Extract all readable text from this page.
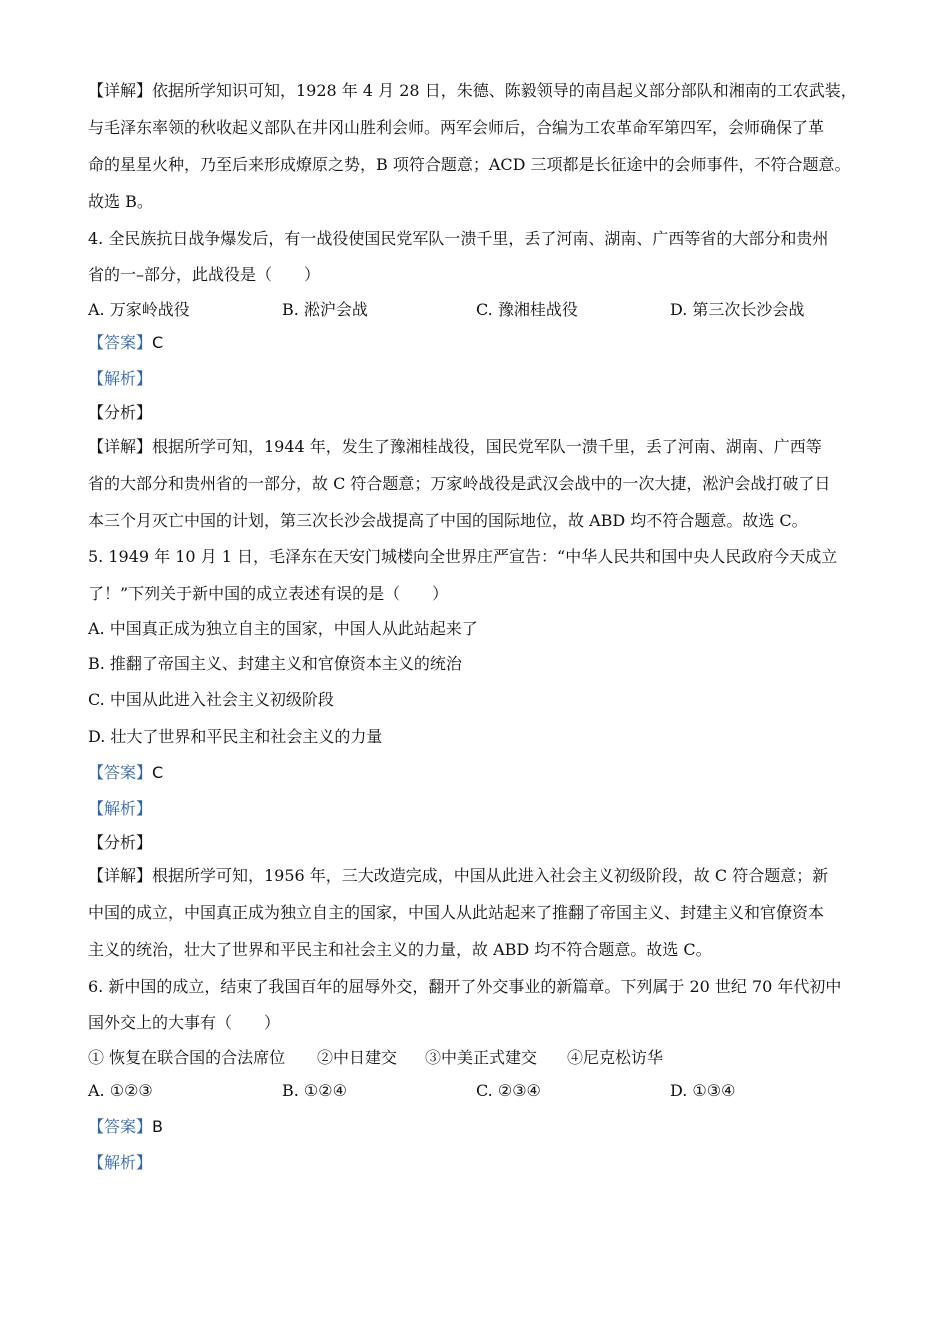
【详解】依据所学知识可知，1928 年 4 月 28 日，朱德、陈毅领导的南昌起义部分部队和湘南的工农武装，
与毛泽东率领的秋收起义部队在井冈山胜利会师。两军会师后，合编为工农革命军第四军，会师确保了革
命的星星火种，乃至后来形成燎原之势，B 项符合题意；ACD 三项都是长征途中的会师事件，不符合题意。
故选 B。
4. 全民族抗日战争爆发后，有一战役使国民党军队一溃千里，丢了河南、湖南、广西等省的大部分和贵州
省的一–部分，此战役是（　　）
A. 万家岭战役	B. 淞沪会战	C. 豫湘桂战役	D. 第三次长沙会战
【答案】C
【解析】
【分析】
【详解】根据所学可知，1944 年，发生了豫湘桂战役，国民党军队一溃千里，丢了河南、湖南、广西等
省的大部分和贵州省的一部分，故 C 符合题意；万家岭战役是武汉会战中的一次大捷，淞沪会战打破了日
本三个月灭亡中国的计划，第三次长沙会战提高了中国的国际地位，故 ABD 均不符合题意。故选 C。
5. 1949 年 10 月 1 日，毛泽东在天安门城楼向全世界庄严宣告：“中华人民共和国中央人民政府今天成立
了！”下列关于新中国的成立表述有误的是（　　）
A. 中国真正成为独立自主的国家，中国人从此站起来了
B. 推翻了帝国主义、封建主义和官僚资本主义的统治
C. 中国从此进入社会主义初级阶段
D. 壮大了世界和平民主和社会主义的力量
【答案】C
【解析】
【分析】
【详解】根据所学可知，1956 年，三大改造完成，中国从此进入社会主义初级阶段，故 C 符合题意；新
中国的成立，中国真正成为独立自主的国家，中国人从此站起来了推翻了帝国主义、封建主义和官僚资本
主义的统治，壮大了世界和平民主和社会主义的力量，故 ABD 均不符合题意。故选 C。
6. 新中国的成立，结束了我国百年的屈辱外交，翻开了外交事业的新篇章。下列属于 20 世纪 70 年代初中
国外交上的大事有（　　）
① 恢复在联合国的合法席位 ②中日建交 ③中美正式建交 ④尼克松访华
A. ①②③	B. ①②④	C. ②③④	D. ①③④
【答案】B
【解析】
